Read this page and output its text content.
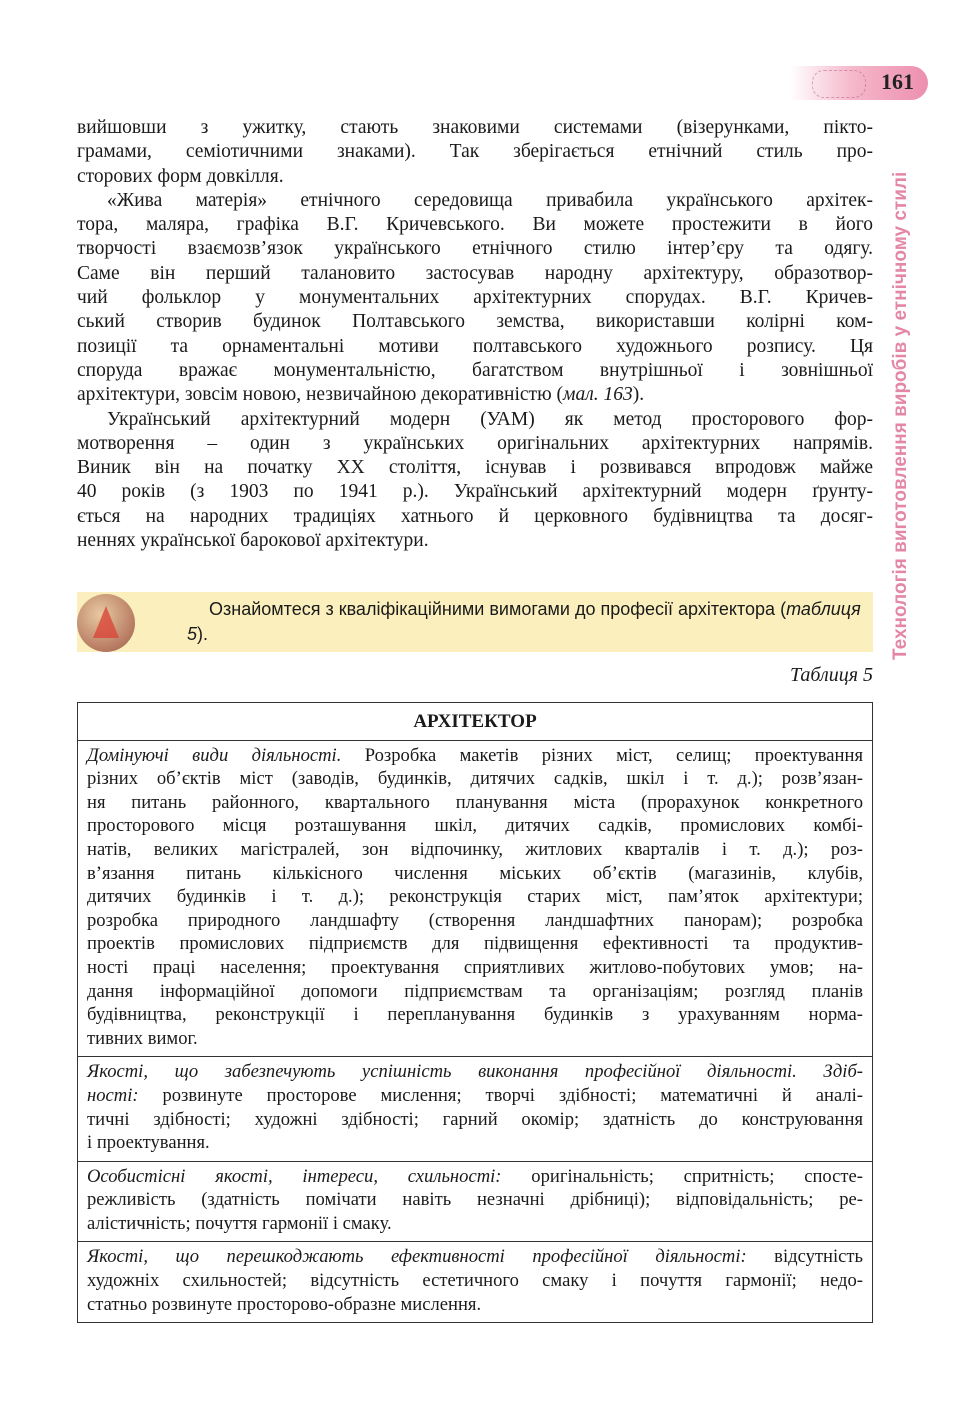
161
Технологія виготовлення виробів у етнічному стилі
вийшовши з ужитку, стають знаковими системами (візерунками, пікто-
грамами, семіотичними знаками). Так зберігається етнічний стиль про-
сторових форм довкілля.
«Жива матерія» етнічного середовища привабила українського архітек-
тора, маляра, графіка В.Г. Кричевського. Ви можете простежити в його
творчості взаємозв’язок українського етнічного стилю інтер’єру та одягу.
Саме він перший талановито застосував народну архітектуру, образотвор-
чий фольклор у монументальних архітектурних спорудах. В.Г. Кричев-
ський створив будинок Полтавського земства, використавши колірні ком-
позиції та орнаментальні мотиви полтавського художнього розпису. Ця
споруда вражає монументальністю, багатством внутрішньої і зовнішньої
архітектури, зовсім новою, незвичайною декоративністю (мал. 163).
Український архітектурний модерн (УАМ) як метод просторового фор-
мотворення – один з українських оригінальних архітектурних напрямів.
Виник він на початку XX століття, існував і розвивався впродовж майже
40 років (з 1903 по 1941 р.). Український архітектурний модерн ґрунту-
ється на народних традиціях хатнього й церковного будівництва та досяг-
неннях української барокової архітектури.
Ознайомтеся з кваліфікаційними вимогами до професії архітектора (таблиця 5).
Таблиця 5
АРХІТЕКТОР
Домінуючі види діяльності. Розробка макетів різних міст, селищ; проектування
різних об’єктів міст (заводів, будинків, дитячих садків, шкіл і т. д.); розв’язан-
ня питань районного, квартального планування міста (прорахунок конкретного
просторового місця розташування шкіл, дитячих садків, промислових комбі-
натів, великих магістралей, зон відпочинку, житлових кварталів і т. д.); роз-
в’язання питань кількісного числення міських об’єктів (магазинів, клубів,
дитячих будинків і т. д.); реконструкція старих міст, пам’яток архітектури;
розробка природного ландшафту (створення ландшафтних панорам); розробка
проектів промислових підприємств для підвищення ефективності та продуктив-
ності праці населення; проектування сприятливих житлово-побутових умов; на-
дання інформаційної допомоги підприємствам та організаціям; розгляд планів
будівництва, реконструкції і перепланування будинків з урахуванням норма-
тивних вимог.
Якості, що забезпечують успішність виконання професійної діяльності. Здіб-
ності: розвинуте просторове мислення; творчі здібності; математичні й аналі-
тичні здібності; художні здібності; гарний окомір; здатність до конструювання
і проектування.
Особистісні якості, інтереси, схильності: оригінальність; спритність; спосте-
режливість (здатність помічати навіть незначні дрібниці); відповідальність; ре-
алістичність; почуття гармонії і смаку.
Якості, що перешкоджають ефективності професійної діяльності: відсутність
художніх схильностей; відсутність естетичного смаку і почуття гармонії; недо-
статньо розвинуте просторово-образне мислення.
